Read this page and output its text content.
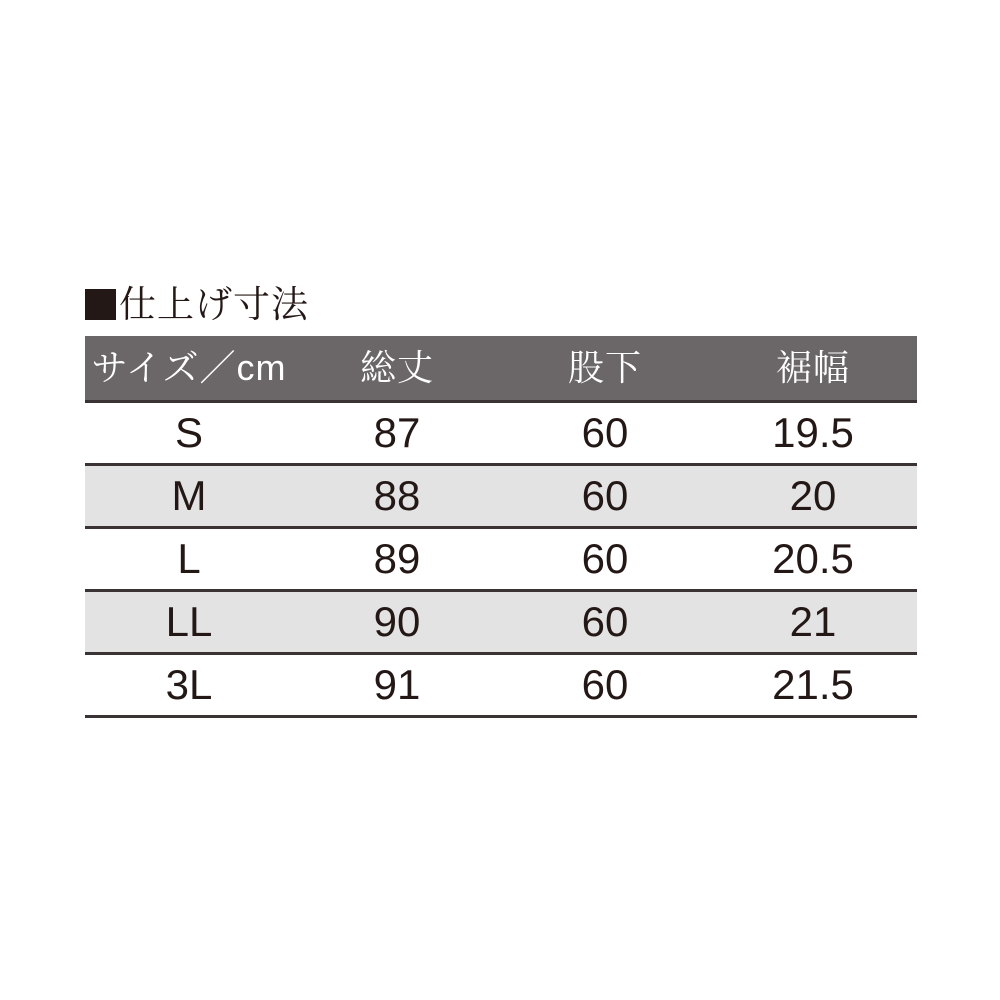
仕上げ寸法
サイズ／cm	総丈	股下	裾幅
S	87	60	19.5
M	88	60	20
L	89	60	20.5
LL	90	60	21
3L	91	60	21.5
